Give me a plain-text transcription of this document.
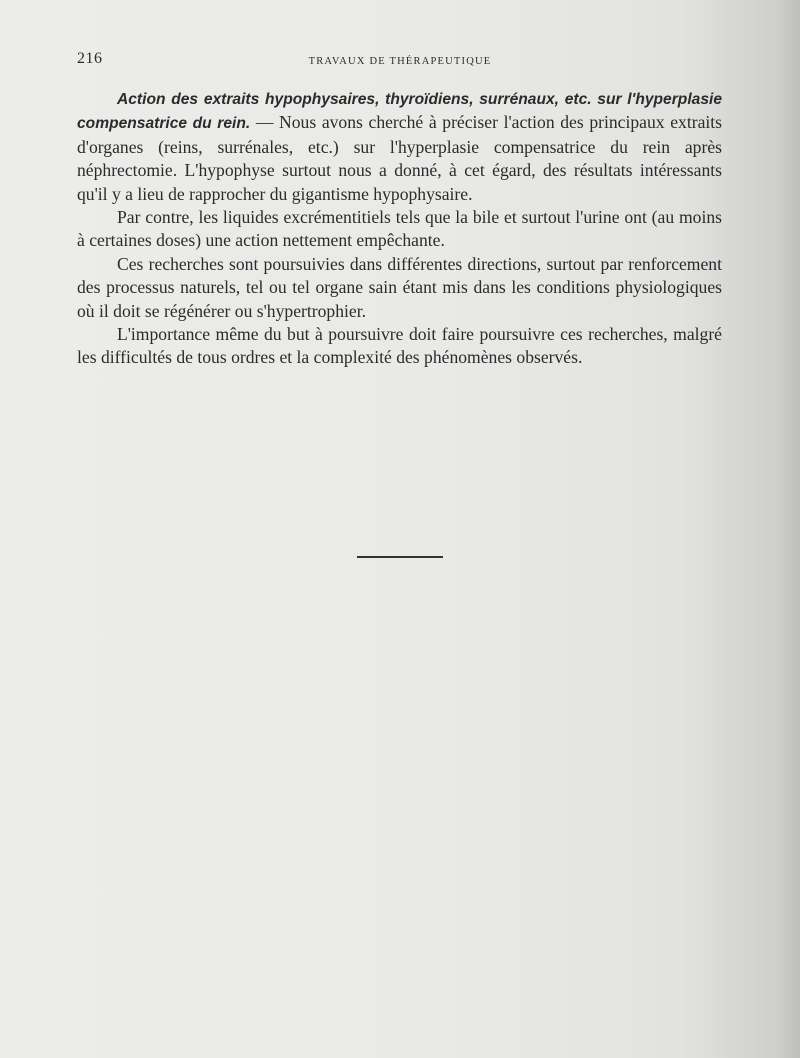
216	TRAVAUX DE THÉRAPEUTIQUE

Action des extraits hypophysaires, thyroïdiens, surrénaux, etc. sur l'hyperplasie compensatrice du rein. — Nous avons cherché à préciser l'action des principaux extraits d'organes (reins, surrénales, etc.) sur l'hyperplasie compensatrice du rein après néphrectomie. L'hypophyse surtout nous a donné, à cet égard, des résultats intéressants qu'il y a lieu de rapprocher du gigantisme hypophysaire.

Par contre, les liquides excrémentitiels tels que la bile et surtout l'urine ont (au moins à certaines doses) une action nettement empêchante.

Ces recherches sont poursuivies dans différentes directions, surtout par renforcement des processus naturels, tel ou tel organe sain étant mis dans les conditions physiologiques où il doit se régénérer ou s'hypertrophier.

L'importance même du but à poursuivre doit faire poursuivre ces recherches, malgré les difficultés de tous ordres et la complexité des phénomènes observés.
